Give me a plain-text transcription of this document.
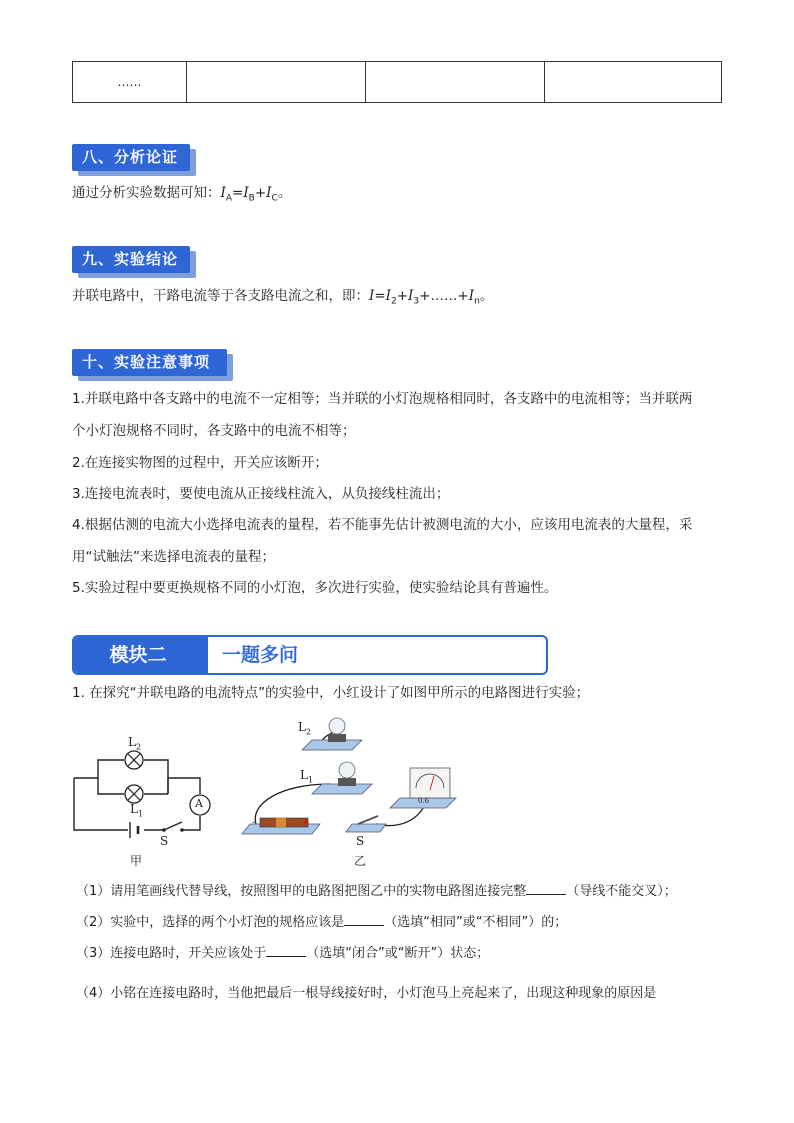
……			
八、分析论证
通过分析实验数据可知：$I_A=I_B+I_C$。
九、实验结论
并联电路中，干路电流等于各支路电流之和，即：$I=I_2+I_3+\dots\dots+I_n$。
十、实验注意事项
1.并联电路中各支路中的电流不一定相等；当并联的小灯泡规格相同时，各支路中的电流相等；当并联两
个小灯泡规格不同时，各支路中的电流不相等；
2.在连接实物图的过程中，开关应该断开；
3.连接电流表时，要使电流从正接线柱流入，从负接线柱流出；
4.根据估测的电流大小选择电流表的量程，若不能事先估计被测电流的大小，应该用电流表的大量程，采
用“试触法”来选择电流表的量程；
5.实验过程中要更换规格不同的小灯泡，多次进行实验，使实验结论具有普遍性。
模块二	一题多问
1. 在探究“并联电路的电流特点”的实验中，小红设计了如图甲所示的电路图进行实验；
$L_2$
$L_1$
A
S
甲
$L_2$
$L_1$
0.6
-	+
S
乙
（1）请用笔画线代替导线，按照图甲的电路图把图乙中的实物电路图连接完整	（导线不能交叉）；
（2）实验中，选择的两个小灯泡的规格应该是	（选填“相同”或“不相同”）的；
（3）连接电路时，开关应该处于	（选填“闭合”或“断开”）状态；
（4）小铭在连接电路时，当他把最后一根导线接好时，小灯泡马上亮起来了，出现这种现象的原因是
